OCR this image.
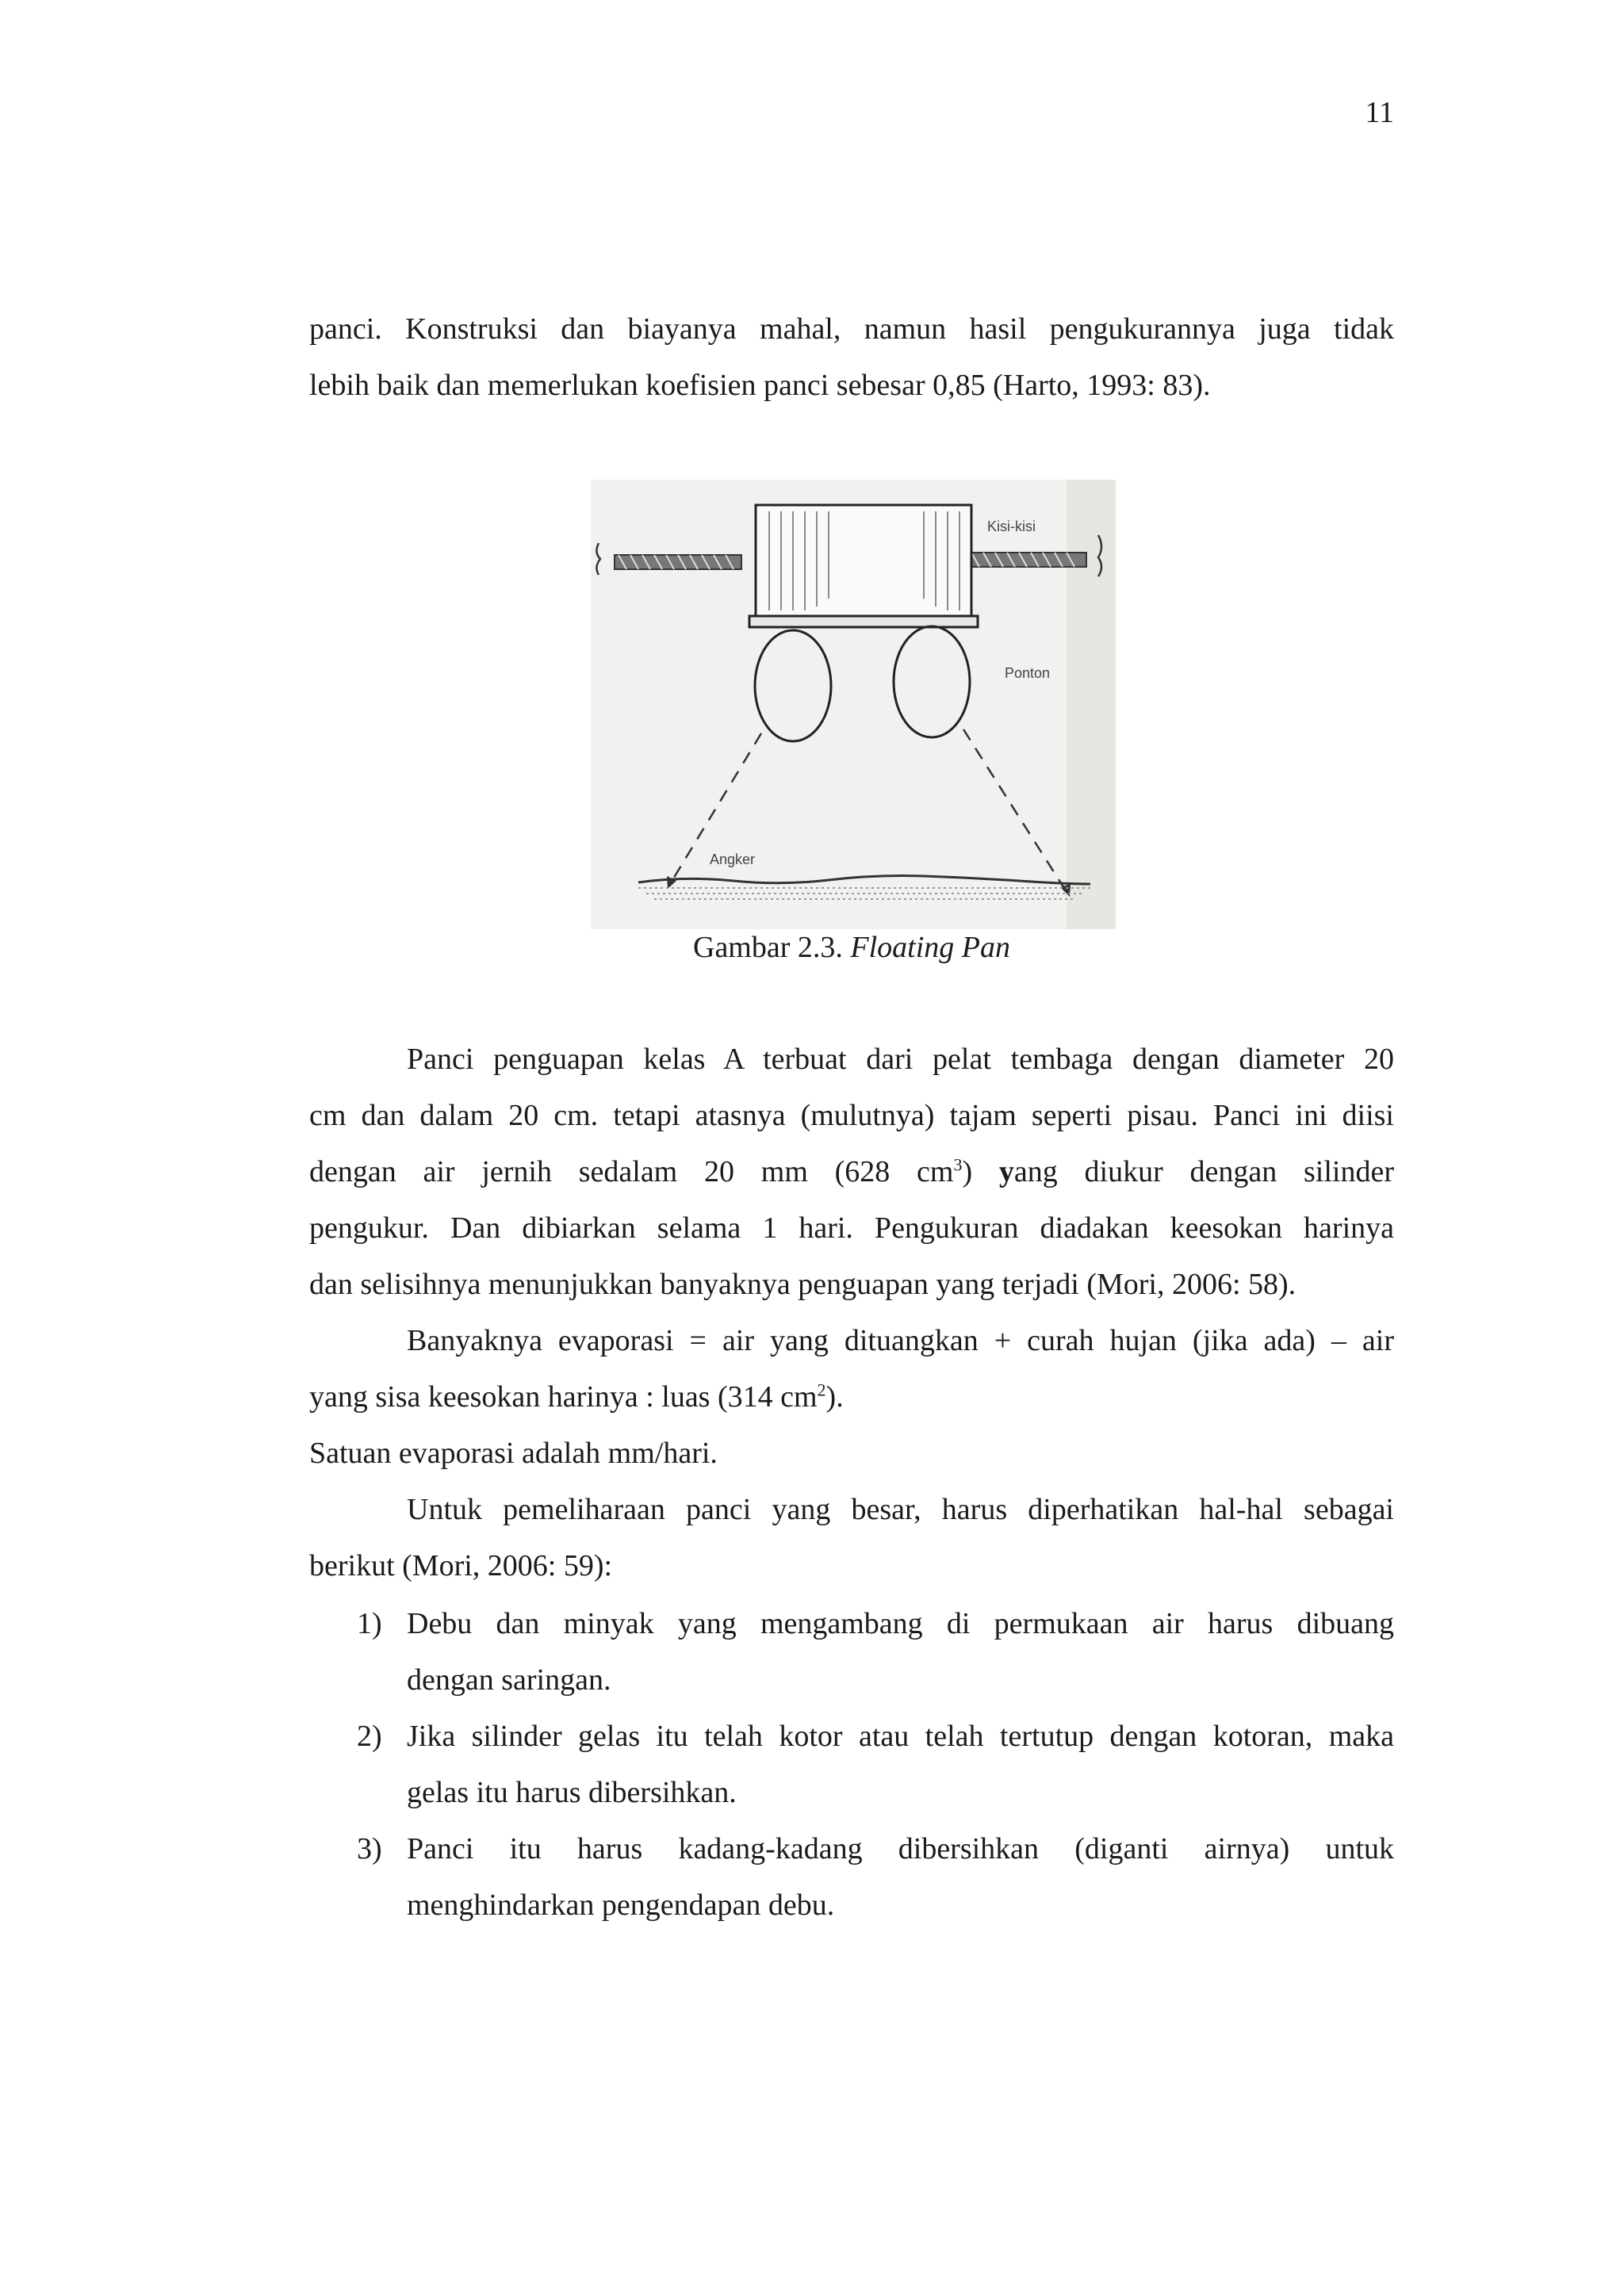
11
panci. Konstruksi dan biayanya mahal, namun hasil pengukurannya juga tidak
lebih baik dan memerlukan koefisien panci sebesar 0,85 (Harto, 1993: 83).
Kisi-kisi
Ponton
Angker
Gambar 2.3. Floating Pan
Panci penguapan kelas A terbuat dari pelat tembaga dengan diameter 20
cm dan dalam 20 cm. tetapi atasnya (mulutnya) tajam seperti pisau. Panci ini diisi
dengan air jernih sedalam 20 mm (628 $cm^3$) yang diukur dengan silinder
pengukur. Dan dibiarkan selama 1 hari. Pengukuran diadakan keesokan harinya
dan selisihnya menunjukkan banyaknya penguapan yang terjadi (Mori, 2006: 58).
Banyaknya evaporasi = air yang dituangkan + curah hujan (jika ada) – air
yang sisa keesokan harinya : luas (314 $cm^2$).
Satuan evaporasi adalah mm/hari.
Untuk pemeliharaan panci yang besar, harus diperhatikan hal-hal sebagai
berikut (Mori, 2006: 59):
1) Debu dan minyak yang mengambang di permukaan air harus dibuang
dengan saringan.
2) Jika silinder gelas itu telah kotor atau telah tertutup dengan kotoran, maka
gelas itu harus dibersihkan.
3) Panci itu harus kadang-kadang dibersihkan (diganti airnya) untuk
menghindarkan pengendapan debu.
